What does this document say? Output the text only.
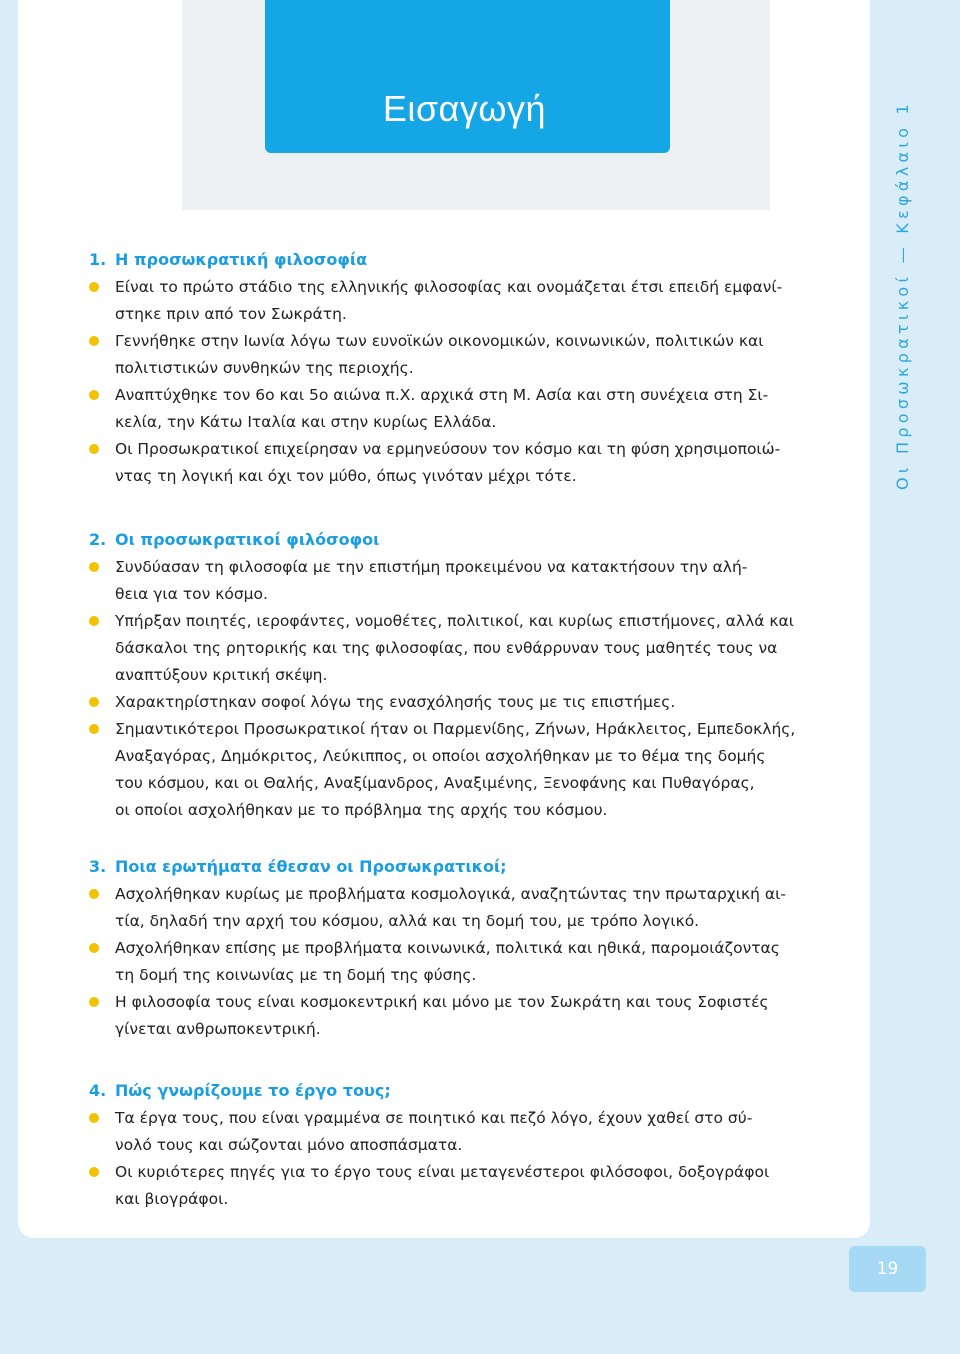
Εισαγωγή	Οι Προσωκρατικοί — Κεφάλαιο 1
1. Η προσωκρατική φιλοσοφία
Είναι το πρώτο στάδιο της ελληνικής φιλοσοφίας και ονομάζεται έτσι επειδή εμφανί-
στηκε πριν από τον Σωκράτη.
Γεννήθηκε στην Ιωνία λόγω των ευνοϊκών οικονομικών, κοινωνικών, πολιτικών και
πολιτιστικών συνθηκών της περιοχής.
Αναπτύχθηκε τον 6ο και 5ο αιώνα π.Χ. αρχικά στη Μ. Ασία και στη συνέχεια στη Σι-
κελία, την Κάτω Ιταλία και στην κυρίως Ελλάδα.
Οι Προσωκρατικοί επιχείρησαν να ερμηνεύσουν τον κόσμο και τη φύση χρησιμοποιώ-
ντας τη λογική και όχι τον μύθο, όπως γινόταν μέχρι τότε.
2. Οι προσωκρατικοί φιλόσοφοι
Συνδύασαν τη φιλοσοφία με την επιστήμη προκειμένου να κατακτήσουν την αλή-
θεια για τον κόσμο.
Υπήρξαν ποιητές, ιεροφάντες, νομοθέτες, πολιτικοί, και κυρίως επιστήμονες, αλλά και
δάσκαλοι της ρητορικής και της φιλοσοφίας, που ενθάρρυναν τους μαθητές τους να
αναπτύξουν κριτική σκέψη.
Χαρακτηρίστηκαν σοφοί λόγω της ενασχόλησής τους με τις επιστήμες.
Σημαντικότεροι Προσωκρατικοί ήταν οι Παρμενίδης, Ζήνων, Ηράκλειτος, Εμπεδοκλής,
Αναξαγόρας, Δημόκριτος, Λεύκιππος, οι οποίοι ασχολήθηκαν με το θέμα της δομής
του κόσμου, και οι Θαλής, Αναξίμανδρος, Αναξιμένης, Ξενοφάνης και Πυθαγόρας,
οι οποίοι ασχολήθηκαν με το πρόβλημα της αρχής του κόσμου.
3. Ποια ερωτήματα έθεσαν οι Προσωκρατικοί;
Ασχολήθηκαν κυρίως με προβλήματα κοσμολογικά, αναζητώντας την πρωταρχική αι-
τία, δηλαδή την αρχή του κόσμου, αλλά και τη δομή του, με τρόπο λογικό.
Ασχολήθηκαν επίσης με προβλήματα κοινωνικά, πολιτικά και ηθικά, παρομοιάζοντας
τη δομή της κοινωνίας με τη δομή της φύσης.
Η φιλοσοφία τους είναι κοσμοκεντρική και μόνο με τον Σωκράτη και τους Σοφιστές
γίνεται ανθρωποκεντρική.
4. Πώς γνωρίζουμε το έργο τους;
Τα έργα τους, που είναι γραμμένα σε ποιητικό και πεζό λόγο, έχουν χαθεί στο σύ-
νολό τους και σώζονται μόνο αποσπάσματα.
Οι κυριότερες πηγές για το έργο τους είναι μεταγενέστεροι φιλόσοφοι, δοξογράφοι
και βιογράφοι.
19
